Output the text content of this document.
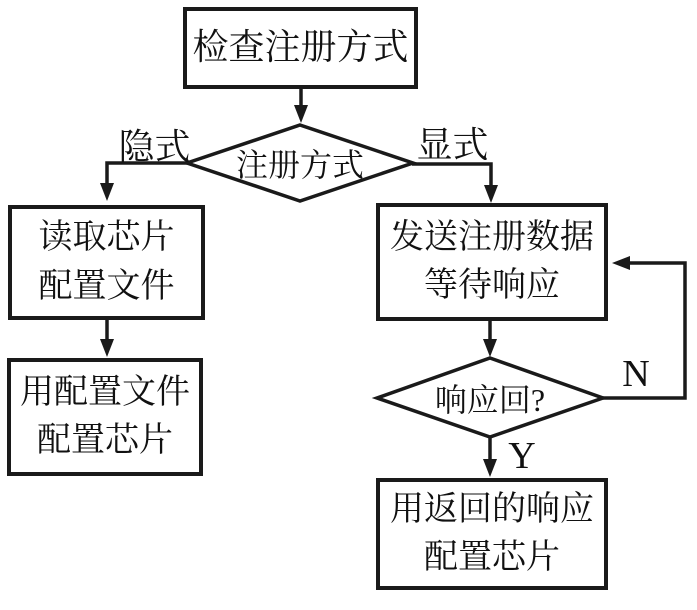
检查注册方式
读取芯片
配置文件
用配置文件
配置芯片
发送注册数据
等待响应
用返回的响应
配置芯片
注册方式
响应回?
隐式	显式
N
Y
